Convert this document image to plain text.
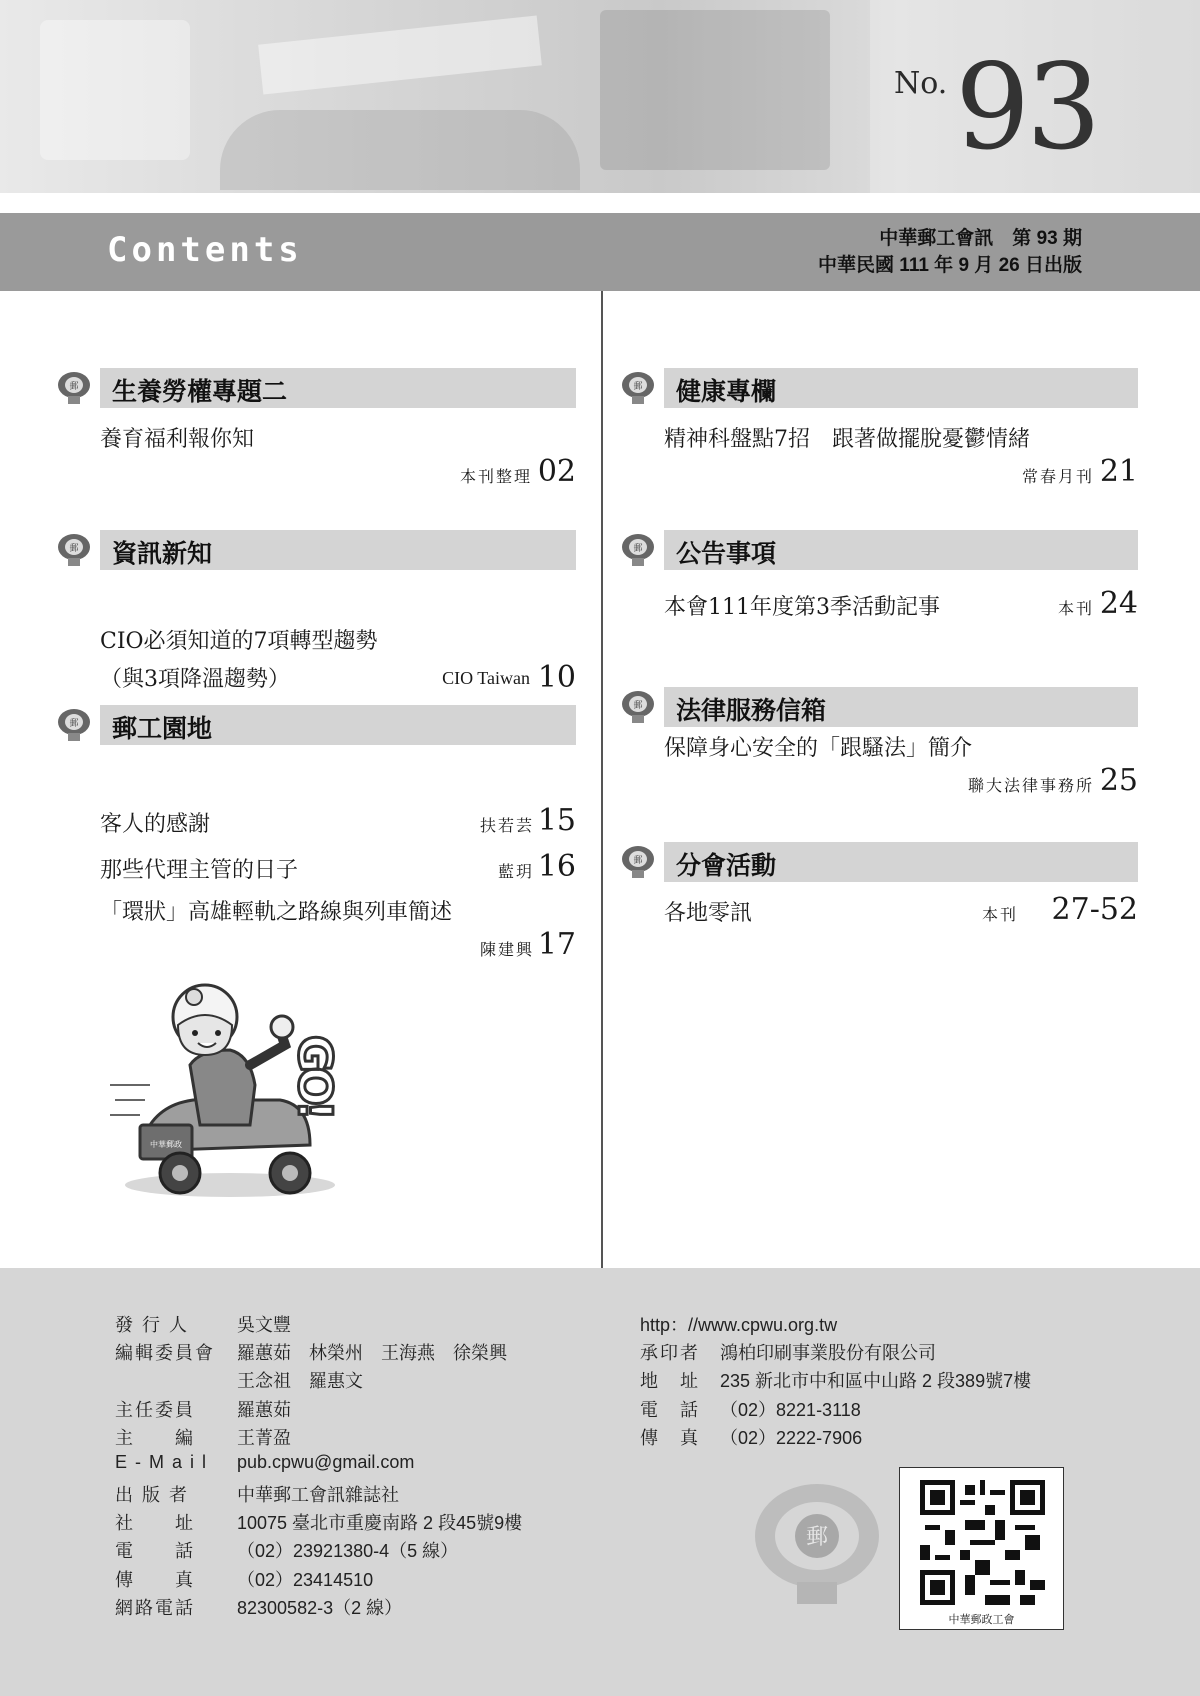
No. 93
Contents	中華郵工會訊　第 93 期
中華民國 111 年 9 月 26 日出版
郵 生養勞權專題二
養育福利報你知
本刊整理 02
郵 資訊新知
CIO必須知道的7項轉型趨勢
（與3項降溫趨勢）	CIO Taiwan 10
郵 郵工園地
客人的感謝	扶若芸 15
那些代理主管的日子	藍玥 16
「環狀」高雄輕軌之路線與列車簡述
陳建興 17
中華郵政
GO!
郵 健康專欄
精神科盤點7招　跟著做擺脫憂鬱情緒
常春月刊 21
郵 公告事項
本會111年度第3季活動記事	本刊 24
郵 法律服務信箱
保障身心安全的「跟騷法」簡介
聯大法律事務所 25
郵 分會活動
各地零訊	本刊 27-52
發 行 人	吳文豐
編輯委員會 羅蕙茹　林榮州　王海燕　徐榮興
王念祖　羅惠文
主任委員 羅蕙茹
主　　編 王菁盈
E-Mail pub.cpwu@gmail.com
出 版 者	中華郵工會訊雜誌社
社　　址 10075 臺北市重慶南路 2 段45號9樓
電　　話 （02）23921380-4（5 線）
傳　　真 （02）23414510
網路電話 82300582-3（2 線）
http：//www.cpwu.org.tw
承印者 鴻柏印刷事業股份有限公司
地　址 235 新北市中和區中山路 2 段389號7樓
電　話 （02）8221-3118
傳　真 （02）2222-7906
郵
中華郵政工會
